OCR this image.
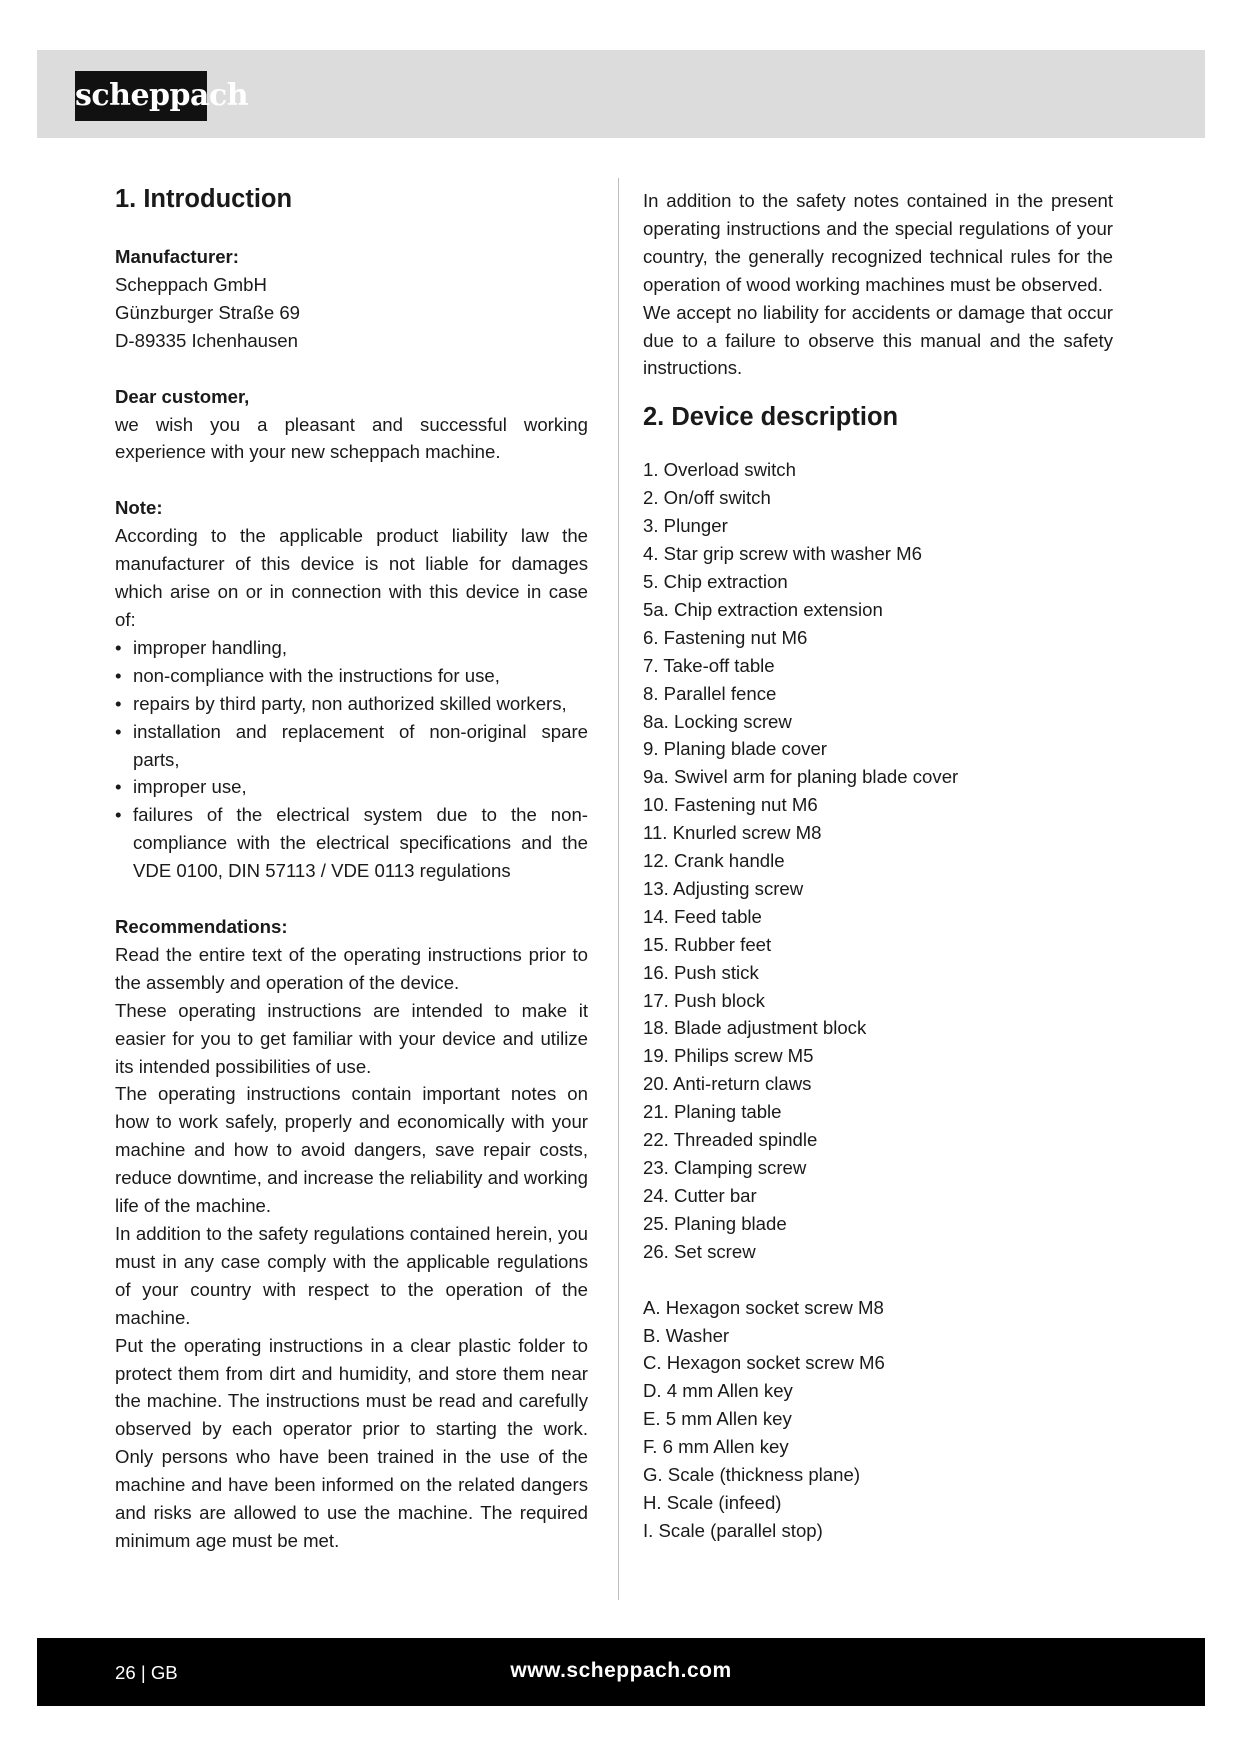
scheppach
1. Introduction

Manufacturer:

Scheppach GmbH

Günzburger Straße 69

D-89335 Ichenhausen

Dear customer,

we wish you a pleasant and successful working experience with your new scheppach machine.

Note:

According to the applicable product liability law the manufacturer of this device is not liable for damages which arise on or in connection with this device in case of:

• improper handling,
• non-compliance with the instructions for use,
• repairs by third party, non authorized skilled workers,
• installation and replacement of non-original spare parts,
• improper use,
• failures of the electrical system due to the non-compliance with the electrical specifications and the VDE 0100, DIN 57113 / VDE 0113 regulations

Recommendations:

Read the entire text of the operating instructions prior to the assembly and operation of the device.

These operating instructions are intended to make it easier for you to get familiar with your device and utilize its intended possibilities of use.

The operating instructions contain important notes on how to work safely, properly and economically with your machine and how to avoid dangers, save repair costs, reduce downtime, and increase the reliability and working life of the machine.

In addition to the safety regulations contained herein, you must in any case comply with the applicable regulations of your country with respect to the operation of the machine.

Put the operating instructions in a clear plastic folder to protect them from dirt and humidity, and store them near the machine. The instructions must be read and carefully observed by each operator prior to starting the work. Only persons who have been trained in the use of the machine and have been informed on the related dangers and risks are allowed to use the machine. The required minimum age must be met.

In addition to the safety notes contained in the present operating instructions and the special regulations of your country, the generally recognized technical rules for the operation of wood working machines must be observed.

We accept no liability for accidents or damage that occur due to a failure to observe this manual and the safety instructions.

2. Device description
1. Overload switch
2. On/off switch
3. Plunger
4. Star grip screw with washer M6
5. Chip extraction
5a. Chip extraction extension
6. Fastening nut M6
7. Take-off table
8. Parallel fence
8a. Locking screw
9. Planing blade cover
9a. Swivel arm for planing blade cover
10. Fastening nut M6
11. Knurled screw M8
12. Crank handle
13. Adjusting screw
14. Feed table
15. Rubber feet
16. Push stick
17. Push block
18. Blade adjustment block
19. Philips screw M5
20. Anti-return claws
21. Planing table
22. Threaded spindle
23. Clamping screw
24. Cutter bar
25. Planing blade
26. Set screw
A. Hexagon socket screw M8
B. Washer
C. Hexagon socket screw M6
D. 4 mm Allen key
E. 5 mm Allen key
F. 6 mm Allen key
G. Scale (thickness plane)
H. Scale (infeed)
I. Scale (parallel stop)
26 | GB	www.scheppach.com
